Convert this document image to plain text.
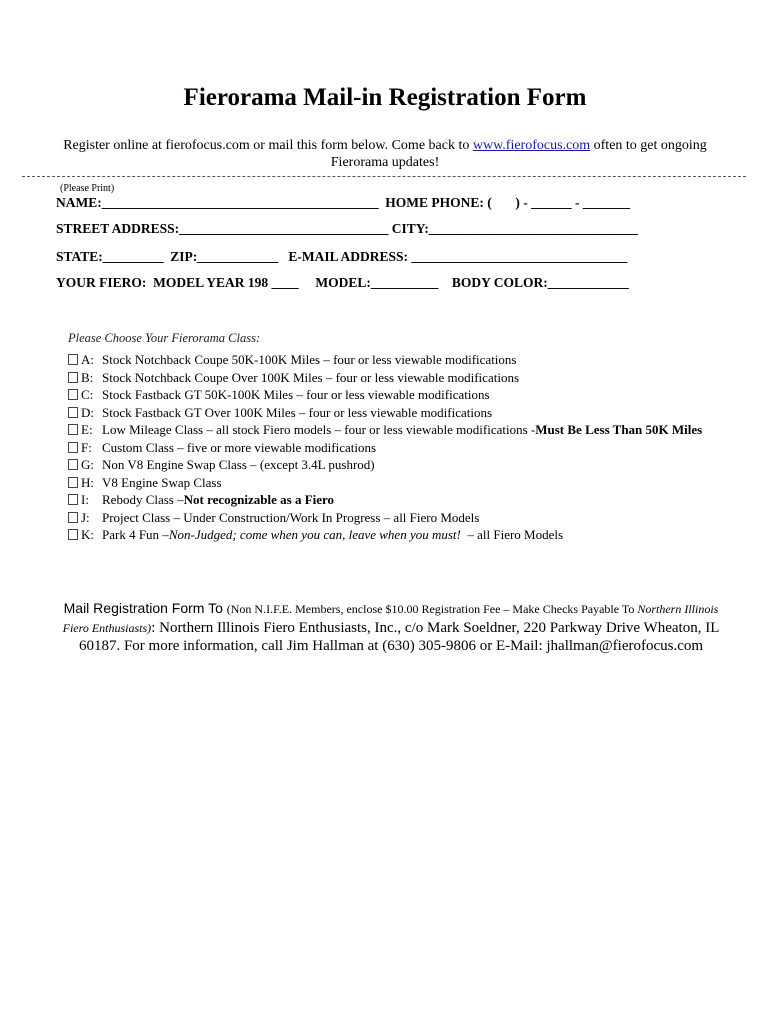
Fierorama Mail-in Registration Form
Register online at fierofocus.com or mail this form below. Come back to www.fierofocus.com often to get ongoing Fierorama updates!
(Please Print)
NAME:_________________________________________  HOME PHONE: (       ) - ______ - _______
STREET ADDRESS:_______________________________ CITY:_______________________________
STATE:_________  ZIP:____________   E-MAIL ADDRESS: ________________________________
YOUR FIERO:  MODEL YEAR 198 ____     MODEL:__________    BODY COLOR:____________
Please Choose Your Fierorama Class:
A: Stock Notchback Coupe 50K-100K Miles – four or less viewable modifications
B: Stock Notchback Coupe Over 100K Miles – four or less viewable modifications
C: Stock Fastback GT 50K-100K Miles – four or less viewable modifications
D: Stock Fastback GT Over 100K Miles – four or less viewable modifications
E: Low Mileage Class – all stock Fiero models – four or less viewable modifications - Must Be Less Than 50K Miles
F: Custom Class – five or more viewable modifications
G: Non V8 Engine Swap Class – (except 3.4L pushrod)
H: V8 Engine Swap Class
I:	Rebody Class – Not recognizable as a Fiero
J: Project Class – Under Construction/Work In Progress – all Fiero Models
K: Park 4 Fun – Non-Judged; come when you can, leave when you must! – all Fiero Models
Mail Registration Form To (Non N.I.F.E. Members, enclose $10.00 Registration Fee – Make Checks Payable To Northern Illinois Fiero Enthusiasts): Northern Illinois Fiero Enthusiasts, Inc., c/o Mark Soeldner, 220 Parkway Drive Wheaton, IL 60187. For more information, call Jim Hallman at (630) 305-9806 or E-Mail: jhallman@fierofocus.com
